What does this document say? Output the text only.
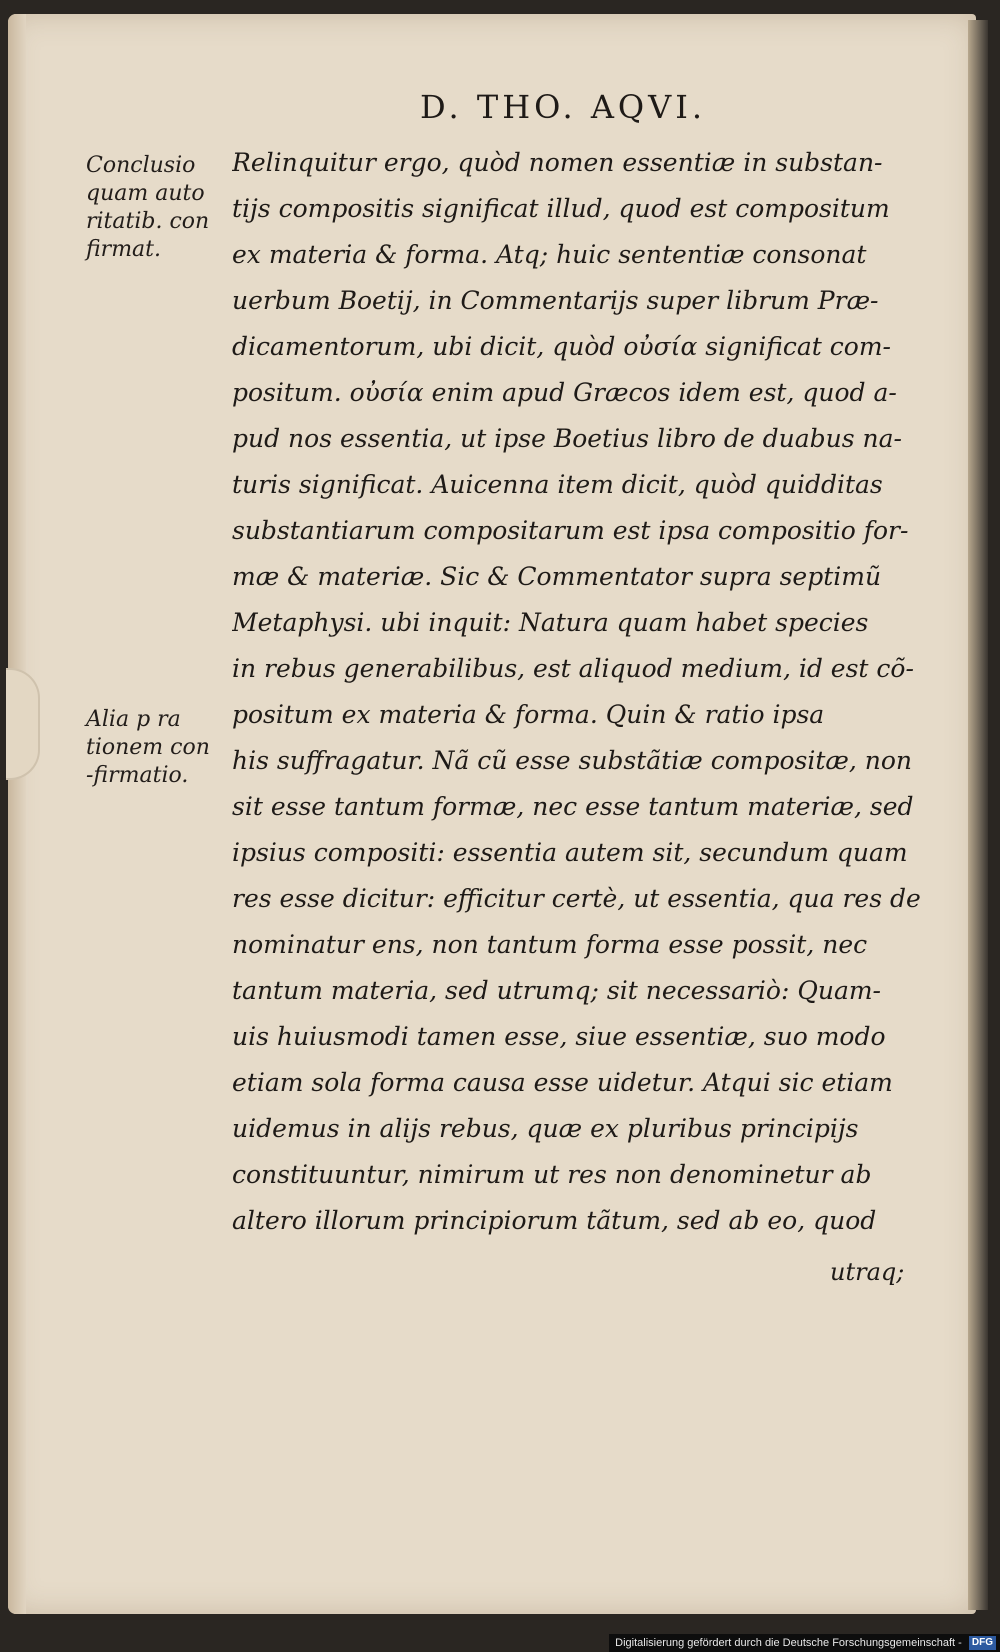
D. THO. AQVI.
Conclusio
quam auto
ritatib. con
firmat.
Alia p ra
tionem con
-firmatio.
Relinquitur ergo, quòd nomen essentiæ in substan-
tijs compositis significat illud, quod est compositum
ex materia & forma. Atq; huic sententiæ consonat
uerbum Boetij, in Commentarijs super librum Præ-
dicamentorum, ubi dicit, quòd οὐσία significat com-
positum. οὐσία enim apud Græcos idem est, quod a-
pud nos essentia, ut ipse Boetius libro de duabus na-
turis significat. Auicenna item dicit, quòd quidditas
substantiarum compositarum est ipsa compositio for-
mæ & materiæ. Sic & Commentator supra septimũ
Metaphysi. ubi inquit: Natura quam habet species
in rebus generabilibus, est aliquod medium, id est cõ-
positum ex materia & forma. Quin & ratio ipsa
his suffragatur. Nã cũ esse substãtiæ compositæ, non
sit esse tantum formæ, nec esse tantum materiæ, sed
ipsius compositi: essentia autem sit, secundum quam
res esse dicitur: efficitur certè, ut essentia, qua res de
nominatur ens, non tantum forma esse possit, nec
tantum materia, sed utrumq; sit necessariò: Quam-
uis huiusmodi tamen esse, siue essentiæ, suo modo
etiam sola forma causa esse uidetur. Atqui sic etiam
uidemus in alijs rebus, quæ ex pluribus principijs
constituuntur, nimirum ut res non denominetur ab
altero illorum principiorum tãtum, sed ab eo, quod
utraq;
Digitalisierung gefördert durch die Deutsche Forschungsgemeinschaft - DFG
